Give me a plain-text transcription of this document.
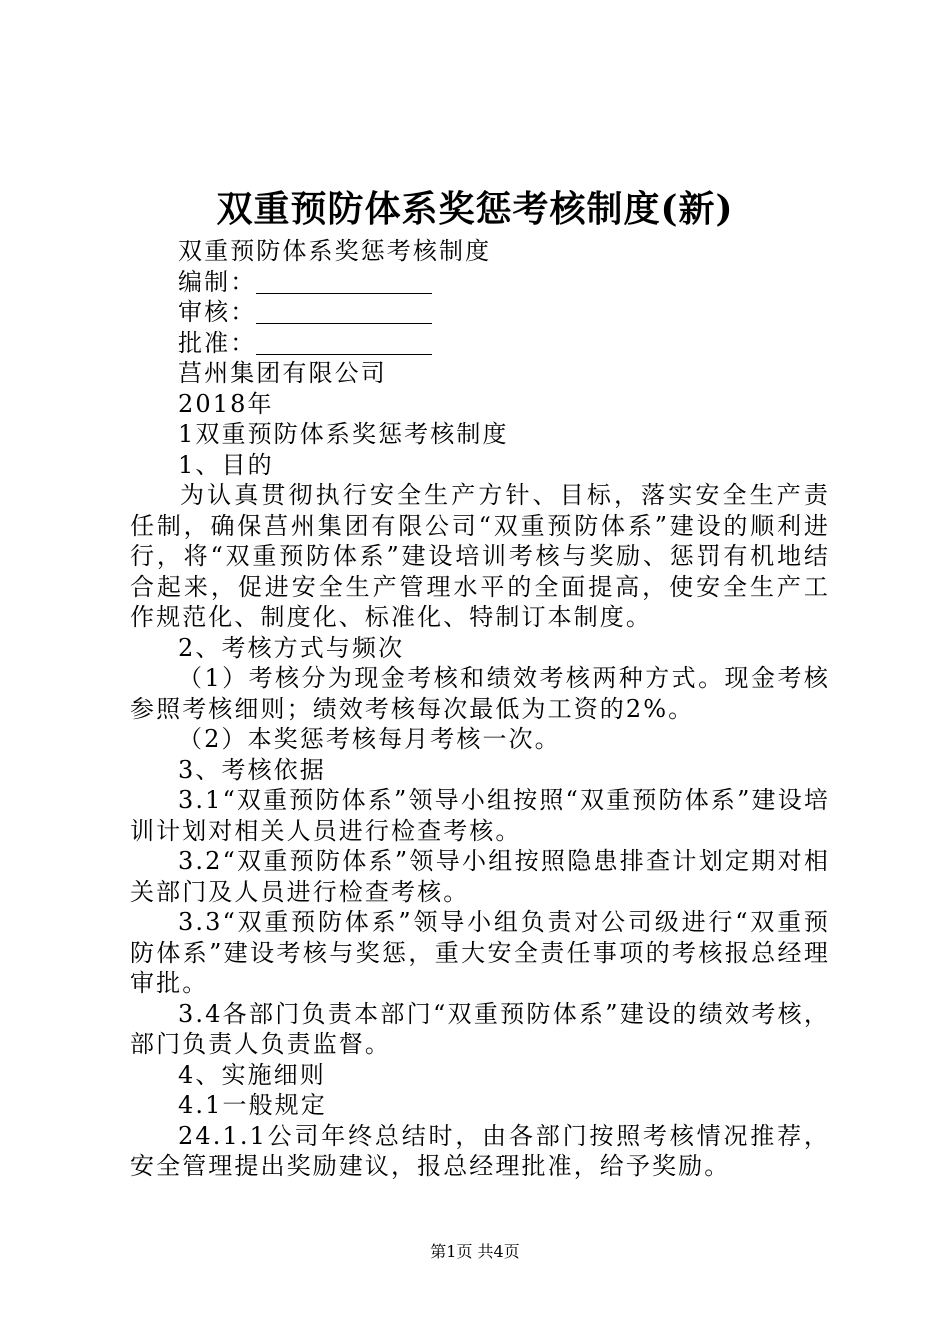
双重预防体系奖惩考核制度(新)

双重预防体系奖惩考核制度

编制：

审核：

批准：

莒州集团有限公司

2018年

1双重预防体系奖惩考核制度

1、目的

为认真贯彻执行安全生产方针、目标，落实安全生产责任制，确保莒州集团有限公司“双重预防体系”建设的顺利进行，将“双重预防体系”建设培训考核与奖励、惩罚有机地结合起来，促进安全生产管理水平的全面提高，使安全生产工作规范化、制度化、标准化、特制订本制度。

2、考核方式与频次

（1）考核分为现金考核和绩效考核两种方式。现金考核参照考核细则；绩效考核每次最低为工资的2%。

（2）本奖惩考核每月考核一次。

3、考核依据

3.1“双重预防体系”领导小组按照“双重预防体系”建设培训计划对相关人员进行检查考核。

3.2“双重预防体系”领导小组按照隐患排查计划定期对相关部门及人员进行检查考核。

3.3“双重预防体系”领导小组负责对公司级进行“双重预防体系”建设考核与奖惩，重大安全责任事项的考核报总经理审批。

3.4各部门负责本部门“双重预防体系”建设的绩效考核，部门负责人负责监督。

4、实施细则

4.1一般规定

24.1.1公司年终总结时，由各部门按照考核情况推荐，安全管理提出奖励建议，报总经理批准，给予奖励。

第1页 共4页
